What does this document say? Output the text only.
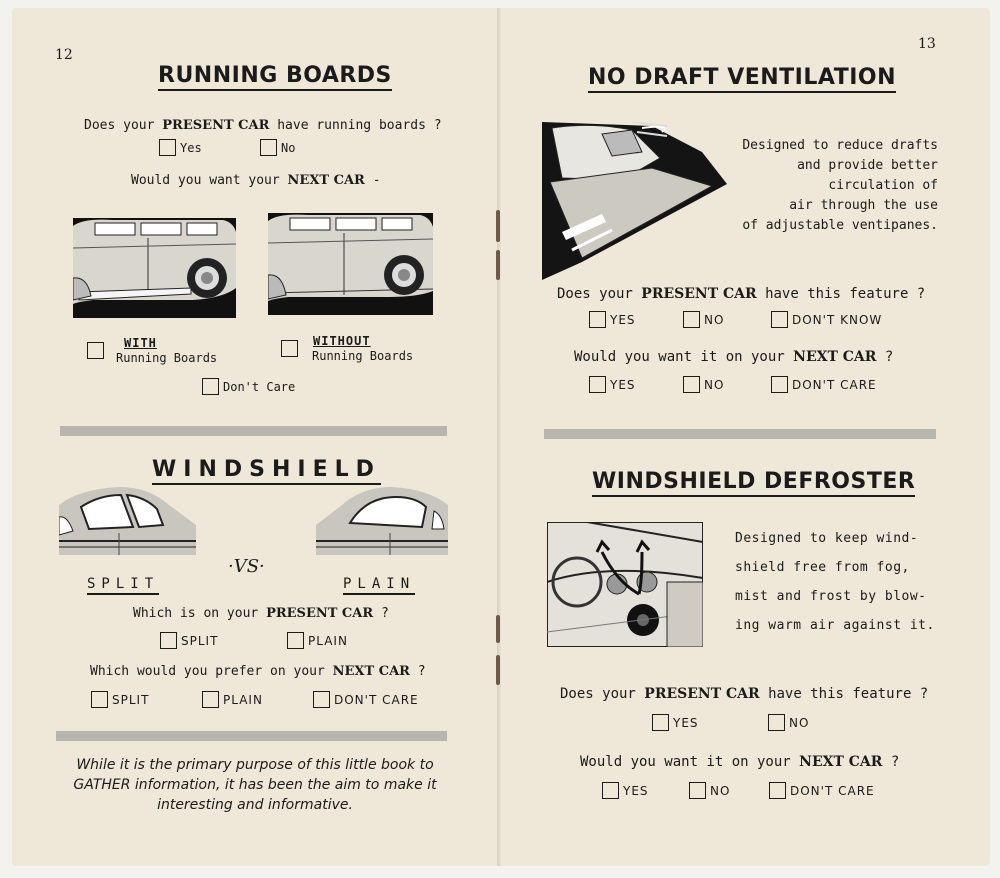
12
RUNNING BOARDS
Does your PRESENT CAR have running boards ?
Yes	No
Would you want your NEXT CAR -
WITH
Running Boards
WITHOUT
Running Boards
Don't Care
WINDSHIELD
·VS·
SPLIT	PLAIN
Which is on your PRESENT CAR ?
SPLIT	PLAIN
Which would you prefer on your NEXT CAR ?
SPLIT	PLAIN	DON'T CARE
While it is the primary purpose of this little book to
GATHER information, it has been the aim to make it
interesting and informative.
13
NO DRAFT VENTILATION
Designed to reduce drafts
and provide better
circulation of
air through the use
of adjustable ventipanes.
Does your PRESENT CAR have this feature ?
YES	NO	DON'T KNOW
Would you want it on your NEXT CAR ?
YES	NO	DON'T CARE
WINDSHIELD DEFROSTER
Designed to keep wind-
shield free from fog,
mist and frost by blow-
ing warm air against it.
Does your PRESENT CAR have this feature ?
YES	NO
Would you want it on your NEXT CAR ?
YES	NO	DON'T CARE
